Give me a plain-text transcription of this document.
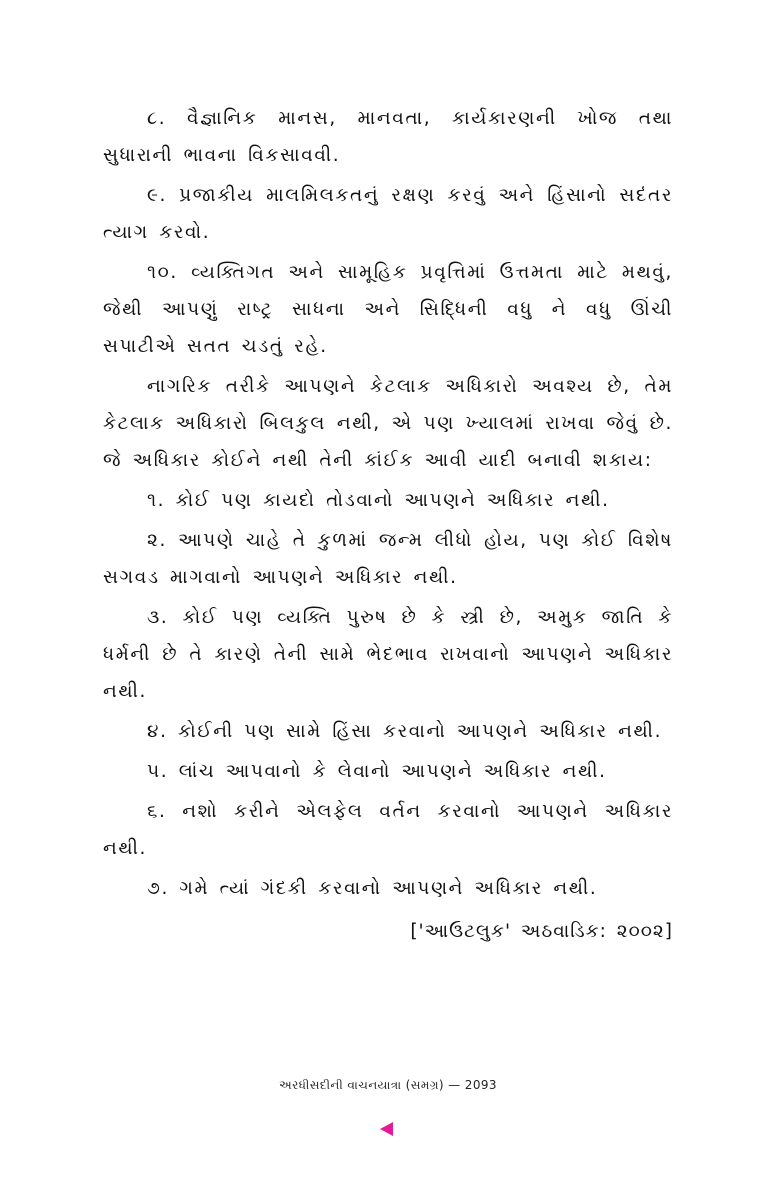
૮. વૈજ્ઞાનિક માનસ, માનવતા, કાર્યકારણની ખોજ તથા સુધારાની ભાવના વિકસાવવી.

૯. પ્રજાકીય માલમિલકતનું રક્ષણ કરવું અને હિંસાનો સદંતર ત્યાગ કરવો.

૧૦. વ્યક્તિગત અને સામૂહિક પ્રવૃત્તિમાં ઉત્તમતા માટે મથવું, જેથી આપણું રાષ્ટ્ર સાધના અને સિદ્ધિની વધુ ને વધુ ઊંચી સપાટીએ સતત ચડતું રહે.

નાગરિક તરીકે આપણને કેટલાક અધિકારો અવશ્ય છે, તેમ કેટલાક અધિકારો બિલકુલ નથી, એ પણ ખ્યાલમાં રાખવા જેવું છે. જે અધિકાર કોઈને નથી તેની કાંઈક આવી યાદી બનાવી શકાય:

૧. કોઈ પણ કાયદો તોડવાનો આપણને અધિકાર નથી.

૨. આપણે ચાહે તે કુળમાં જન્મ લીધો હોય, પણ કોઈ વિશેષ સગવડ માગવાનો આપણને અધિકાર નથી.

૩. કોઈ પણ વ્યક્તિ પુરુષ છે કે સ્ત્રી છે, અમુક જાતિ કે ધર્મની છે તે કારણે તેની સામે ભેદભાવ રાખવાનો આપણને અધિકાર નથી.

૪. કોઈની પણ સામે હિંસા કરવાનો આપણને અધિકાર નથી.

૫. લાંચ આપવાનો કે લેવાનો આપણને અધિકાર નથી.

૬. નશો કરીને એલફેલ વર્તન કરવાનો આપણને અધિકાર નથી.

૭. ગમે ત્યાં ગંદકી કરવાનો આપણને અધિકાર નથી.

['આઉટલુક' અઠવાડિક: ૨૦૦૨]
અરધીસદીની વાચનયાત્રા (સમગ્ર) — 2093
